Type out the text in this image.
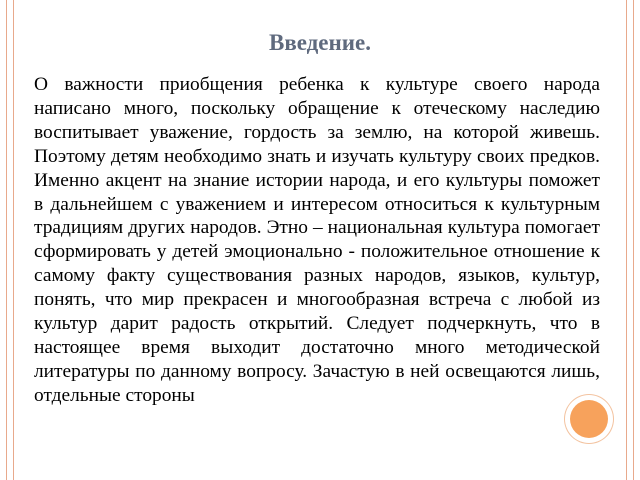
Введение.

О важности приобщения ребенка к культуре своего народа написано много, поскольку обращение к отеческому наследию воспитывает уважение, гордость за землю, на которой живешь. Поэтому детям необходимо знать и изучать культуру своих предков. Именно акцент на знание истории народа, и его культуры поможет в дальнейшем с уважением и интересом относиться к культурным традициям других народов. Этно – национальная культура помогает сформировать у детей эмоционально - положительное отношение к самому факту существования разных народов, языков, культур, понять, что мир прекрасен и многообразная встреча с любой из культур дарит радость открытий. Следует подчеркнуть, что в настоящее время выходит достаточно много методической литературы по данному вопросу. Зачастую в ней освещаются лишь, отдельные стороны
